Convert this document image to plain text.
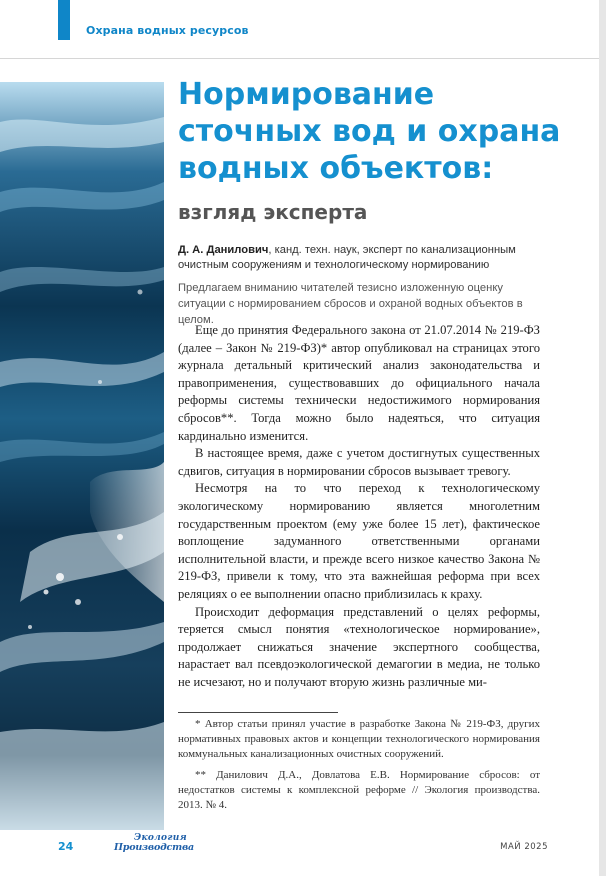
Охрана водных ресурсов
Нормирование сточных вод и охрана водных объектов:
взгляд эксперта
Д. А. Данилович, канд. техн. наук, эксперт по канализационным очистным сооружениям и технологическому нормированию
Предлагаем вниманию читателей тезисно изложенную оценку ситуации с нормированием сбросов и охраной водных объектов в целом.

Еще до принятия Федерального закона от 21.07.2014 № 219-ФЗ (далее – Закон № 219-ФЗ)* автор опубликовал на страницах этого журнала детальный критический анализ законодательства и правоприменения, существовавших до официального начала реформы системы технически недостижимого нормирования сбросов**. Тогда можно было надеяться, что ситуация кардинально изменится.

В настоящее время, даже с учетом достигнутых существенных сдвигов, ситуация в нормировании сбросов вызывает тревогу.

Несмотря на то что переход к технологическому экологическому нормированию является многолетним государственным проектом (ему уже более 15 лет), фактическое воплощение задуманного ответственными органами исполнительной власти, и прежде всего низкое качество Закона № 219-ФЗ, привели к тому, что эта важнейшая реформа при всех реляциях о ее выполнении опасно приблизилась к краху.

Происходит деформация представлений о целях реформы, теряется смысл понятия «технологическое нормирование», продолжает снижаться значение экспертного сообщества, нарастает вал псевдоэкологической демагогии в медиа, не только не исчезают, но и получают вторую жизнь различные ми-

* Автор статьи принял участие в разработке Закона № 219-ФЗ, других нормативных правовых актов и концепции технологического нормирования коммунальных канализационных очистных сооружений.
** Данилович Д.А., Довлатова Е.В. Нормирование сбросов: от недостатков системы к комплексной реформе // Экология производства. 2013. № 4.
24
Экология
Производства	МАЙ 2025
